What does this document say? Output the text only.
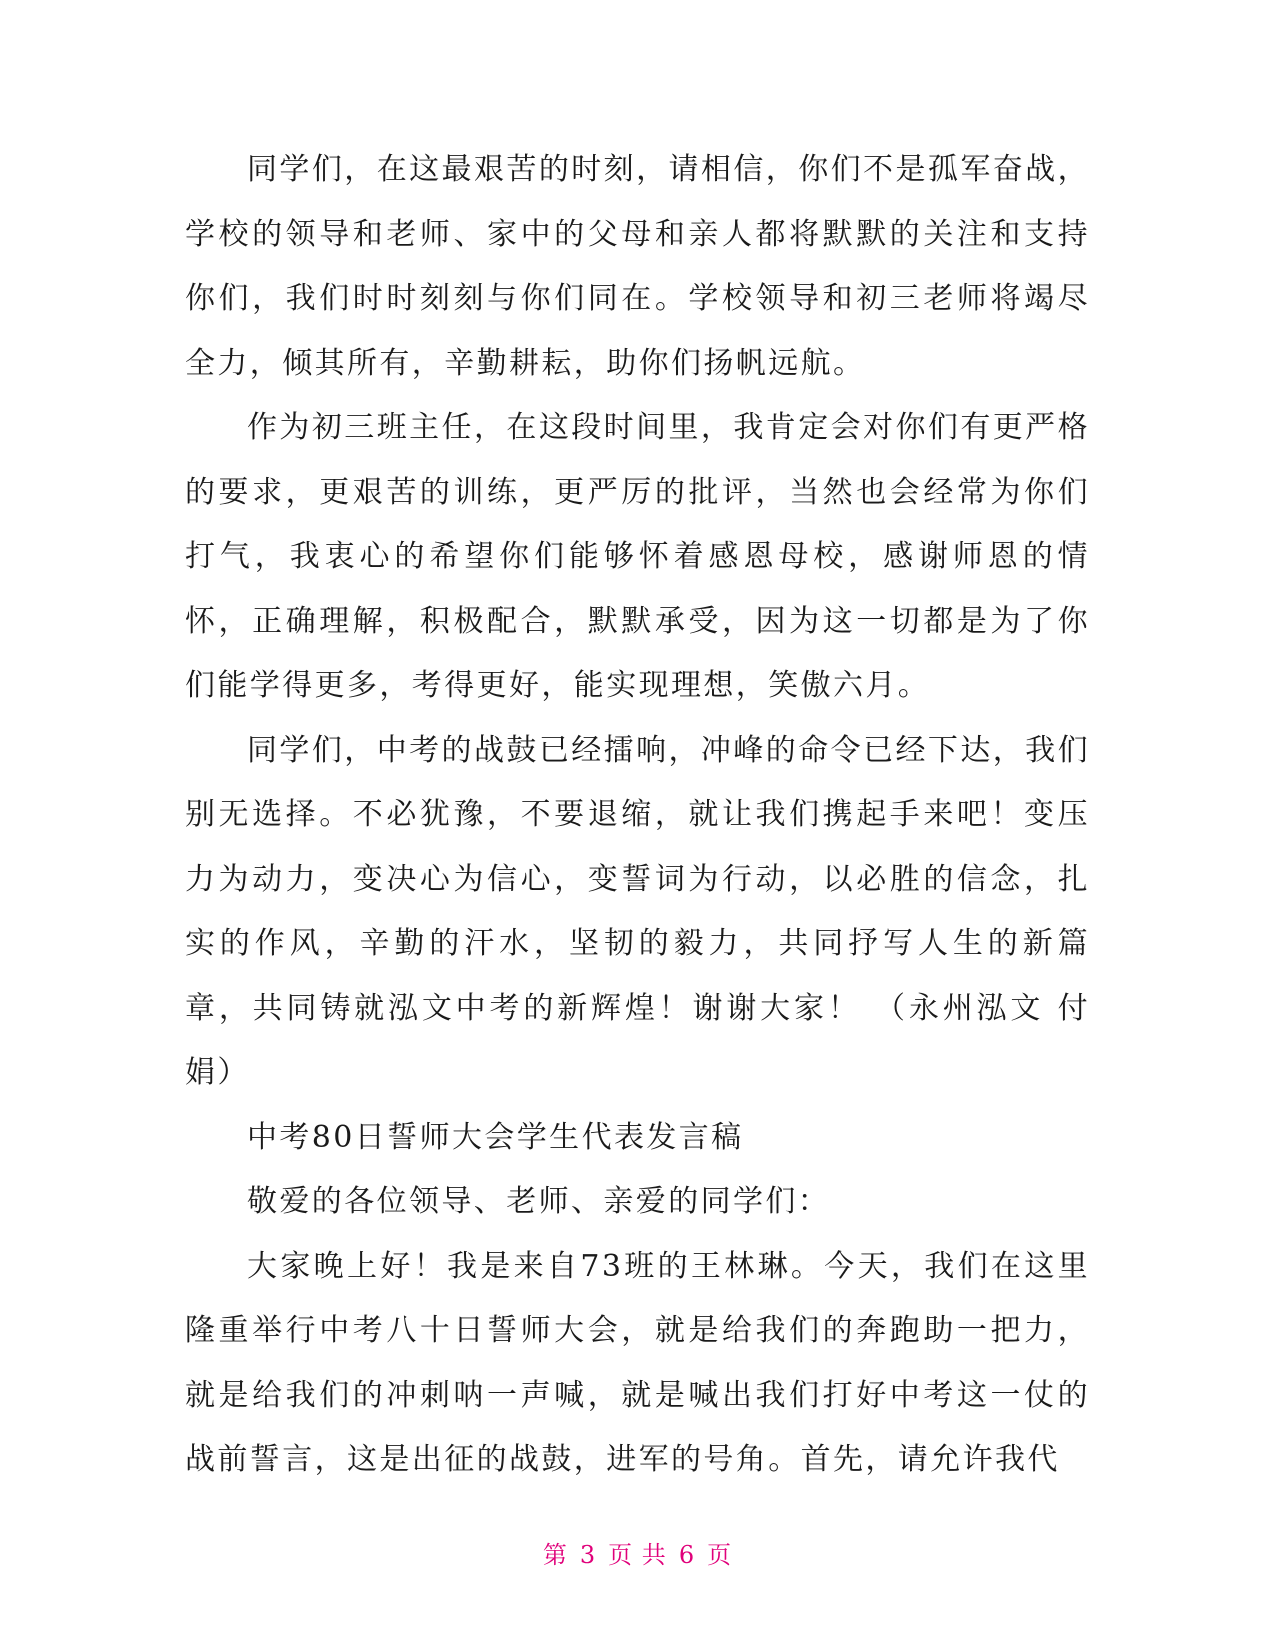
同学们，在这最艰苦的时刻，请相信，你们不是孤军奋战，学校的领导和老师、家中的父母和亲人都将默默的关注和支持你们，我们时时刻刻与你们同在。学校领导和初三老师将竭尽全力，倾其所有，辛勤耕耘，助你们扬帆远航。

作为初三班主任，在这段时间里，我肯定会对你们有更严格的要求，更艰苦的训练，更严厉的批评，当然也会经常为你们打气，我衷心的希望你们能够怀着感恩母校，感谢师恩的情怀，正确理解，积极配合，默默承受，因为这一切都是为了你们能学得更多，考得更好，能实现理想，笑傲六月。

同学们，中考的战鼓已经擂响，冲峰的命令已经下达，我们别无选择。不必犹豫，不要退缩，就让我们携起手来吧！变压力为动力，变决心为信心，变誓词为行动，以必胜的信念，扎实的作风，辛勤的汗水，坚韧的毅力，共同抒写人生的新篇章，共同铸就泓文中考的新辉煌！谢谢大家！ （永州泓文 付娟）

中考80日誓师大会学生代表发言稿

敬爱的各位领导、老师、亲爱的同学们：

大家晚上好！我是来自73班的王林琳。今天，我们在这里隆重举行中考八十日誓师大会，就是给我们的奔跑助一把力，就是给我们的冲刺呐一声喊，就是喊出我们打好中考这一仗的战前誓言，这是出征的战鼓，进军的号角。首先，请允许我代

第 3 页 共 6 页
